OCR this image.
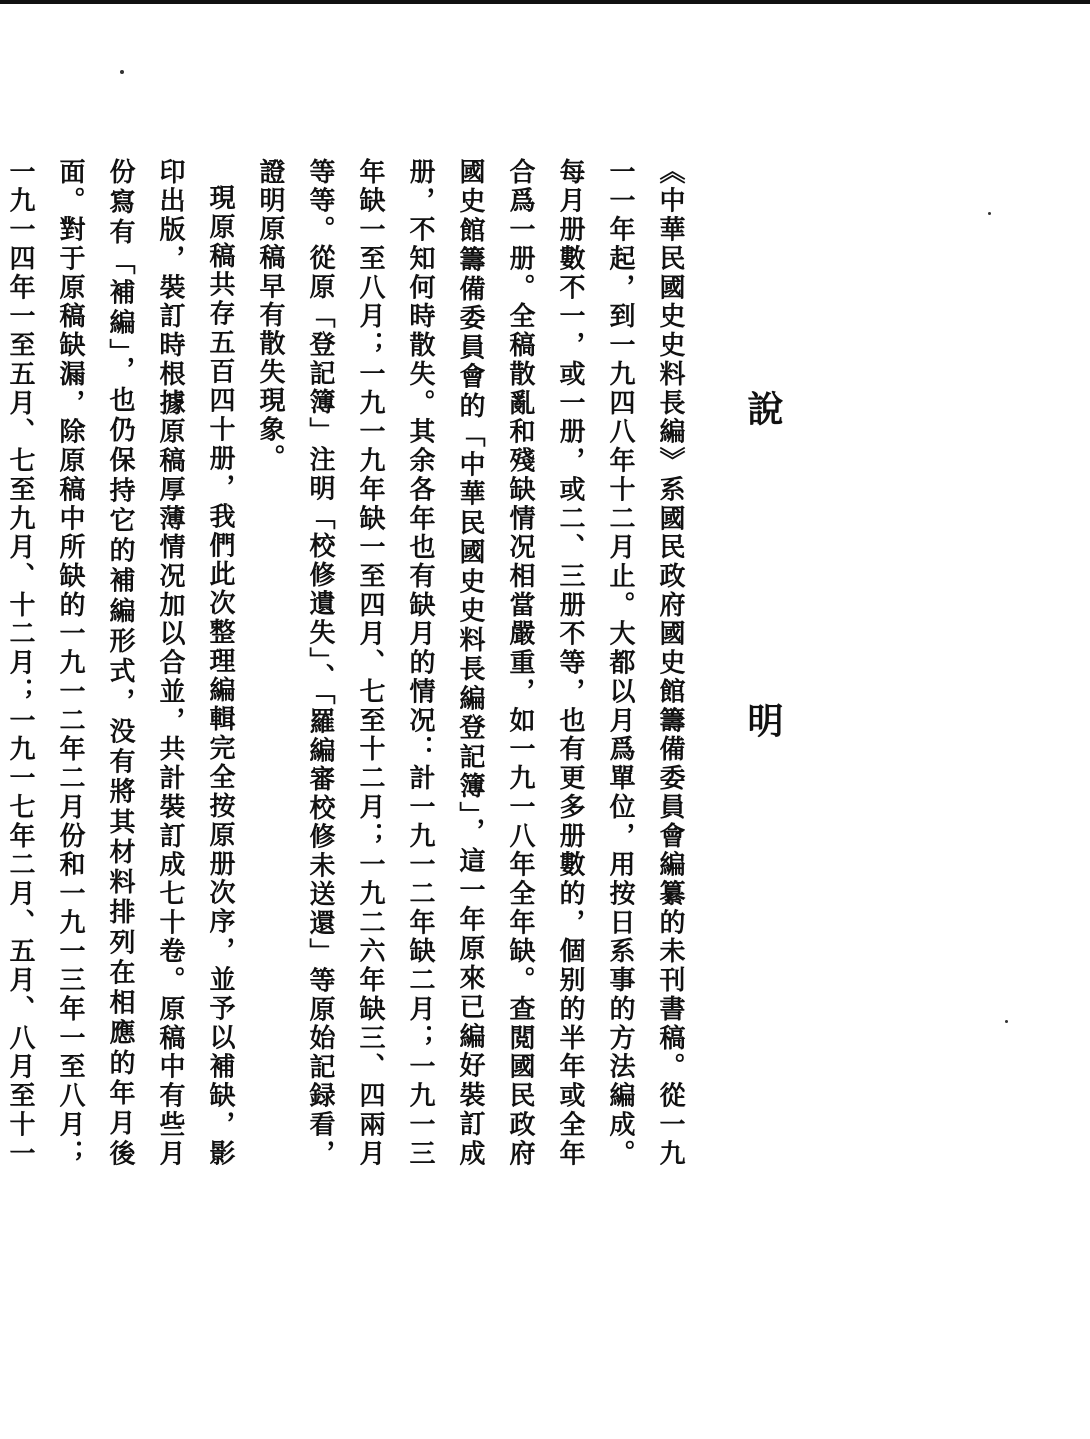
說　明

《中華民國史史料長編》系國民政府國史館籌備委員會編纂的未刊書稿。從一九一一年起，到一九四八年十二月止。大都以月爲單位，用按日系事的方法編成。每月册數不一，或一册，或二、三册不等，也有更多册數的，個别的半年或全年合爲一册。全稿散亂和殘缺情况相當嚴重，如一九一八年全年缺。查閲國民政府國史館籌備委員會的「中華民國史史料長編登記簿」，這一年原來已編好裝訂成册，不知何時散失。其余各年也有缺月的情况：計一九一二年缺二月；一九一三年缺一至八月；一九一九年缺一至四月、七至十二月；一九二六年缺三、四兩月等等。從原「登記簿」注明「校修遺失」、「羅編審校修未送還」等原始記録看，證明原稿早有散失現象。

現原稿共存五百四十册，我們此次整理編輯完全按原册次序，並予以補缺，影印出版，裝訂時根據原稿厚薄情况加以合並，共計裝訂成七十卷。原稿中有些月份寫有「補編」，也仍保持它的補編形式，没有將其材料排列在相應的年月後面。對于原稿缺漏，除原稿中所缺的一九一二年二月份和一九一三年一至八月；一九一四年一至五月、七至九月、十二月；一九一七年二月、五月、八月至十一
